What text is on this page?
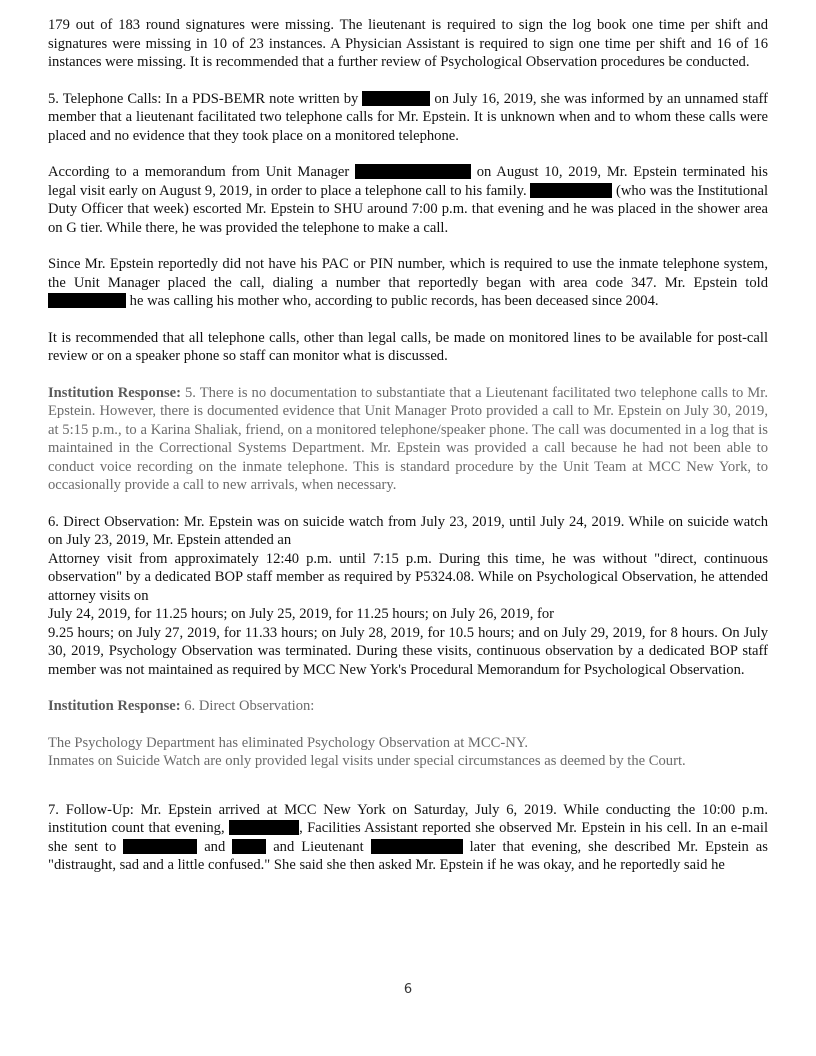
179 out of 183 round signatures were missing. The lieutenant is required to sign the log book one time per shift and signatures were missing in 10 of 23 instances. A Physician Assistant is required to sign one time per shift and 16 of 16 instances were missing. It is recommended that a further review of Psychological Observation procedures be conducted.

5. Telephone Calls: In a PDS-BEMR note written by	on July 16, 2019, she was informed by an unnamed staff member that a lieutenant facilitated two telephone calls for Mr. Epstein. It is unknown when and to whom these calls were placed and no evidence that they took place on a monitored telephone.

According to a memorandum from Unit Manager	on August 10, 2019, Mr. Epstein terminated his legal visit early on August 9, 2019, in order to place a telephone call to his family.	(who was the Institutional Duty Officer that week) escorted Mr. Epstein to SHU around 7:00 p.m. that evening and he was placed in the shower area on G tier. While there, he was provided the telephone to make a call.

Since Mr. Epstein reportedly did not have his PAC or PIN number, which is required to use the inmate telephone system, the Unit Manager placed the call, dialing a number that reportedly began with area code 347. Mr. Epstein told  he was calling his mother who, according to public records, has been deceased since 2004.

It is recommended that all telephone calls, other than legal calls, be made on monitored lines to be available for post-call review or on a speaker phone so staff can monitor what is discussed.

Institution Response: 5. There is no documentation to substantiate that a Lieutenant facilitated two telephone calls to Mr. Epstein. However, there is documented evidence that Unit Manager Proto provided a call to Mr. Epstein on July 30, 2019, at 5:15 p.m., to a Karina Shaliak, friend, on a monitored telephone/speaker phone. The call was documented in a log that is maintained in the Correctional Systems Department. Mr. Epstein was provided a call because he had not been able to conduct voice recording on the inmate telephone. This is standard procedure by the Unit Team at MCC New York, to occasionally provide a call to new arrivals, when necessary.

6. Direct Observation: Mr. Epstein was on suicide watch from July 23, 2019, until July 24, 2019. While on suicide watch on July 23, 2019, Mr. Epstein attended an
Attorney visit from approximately 12:40 p.m. until 7:15 p.m. During this time, he was without "direct, continuous observation" by a dedicated BOP staff member as required by P5324.08. While on Psychological Observation, he attended attorney visits on
July 24, 2019, for 11.25 hours; on July 25, 2019, for 11.25 hours; on July 26, 2019, for
9.25 hours; on July 27, 2019, for 11.33 hours; on July 28, 2019, for 10.5 hours; and on July 29, 2019, for 8 hours. On July 30, 2019, Psychology Observation was terminated. During these visits, continuous observation by a dedicated BOP staff member was not maintained as required by MCC New York's Procedural Memorandum for Psychological Observation.

Institution Response: 6. Direct Observation:

The Psychology Department has eliminated Psychology Observation at MCC-NY.
Inmates on Suicide Watch are only provided legal visits under special circumstances as deemed by the Court.

7. Follow-Up: Mr. Epstein arrived at MCC New York on Saturday, July 6, 2019. While conducting the 10:00 p.m. institution count that evening,	, Facilities Assistant reported she observed Mr. Epstein in his cell. In an e-mail she sent to	and	and Lieutenant	later that evening, she described Mr. Epstein as "distraught, sad and a little confused." She said she then asked Mr. Epstein if he was okay, and he reportedly said he

6
